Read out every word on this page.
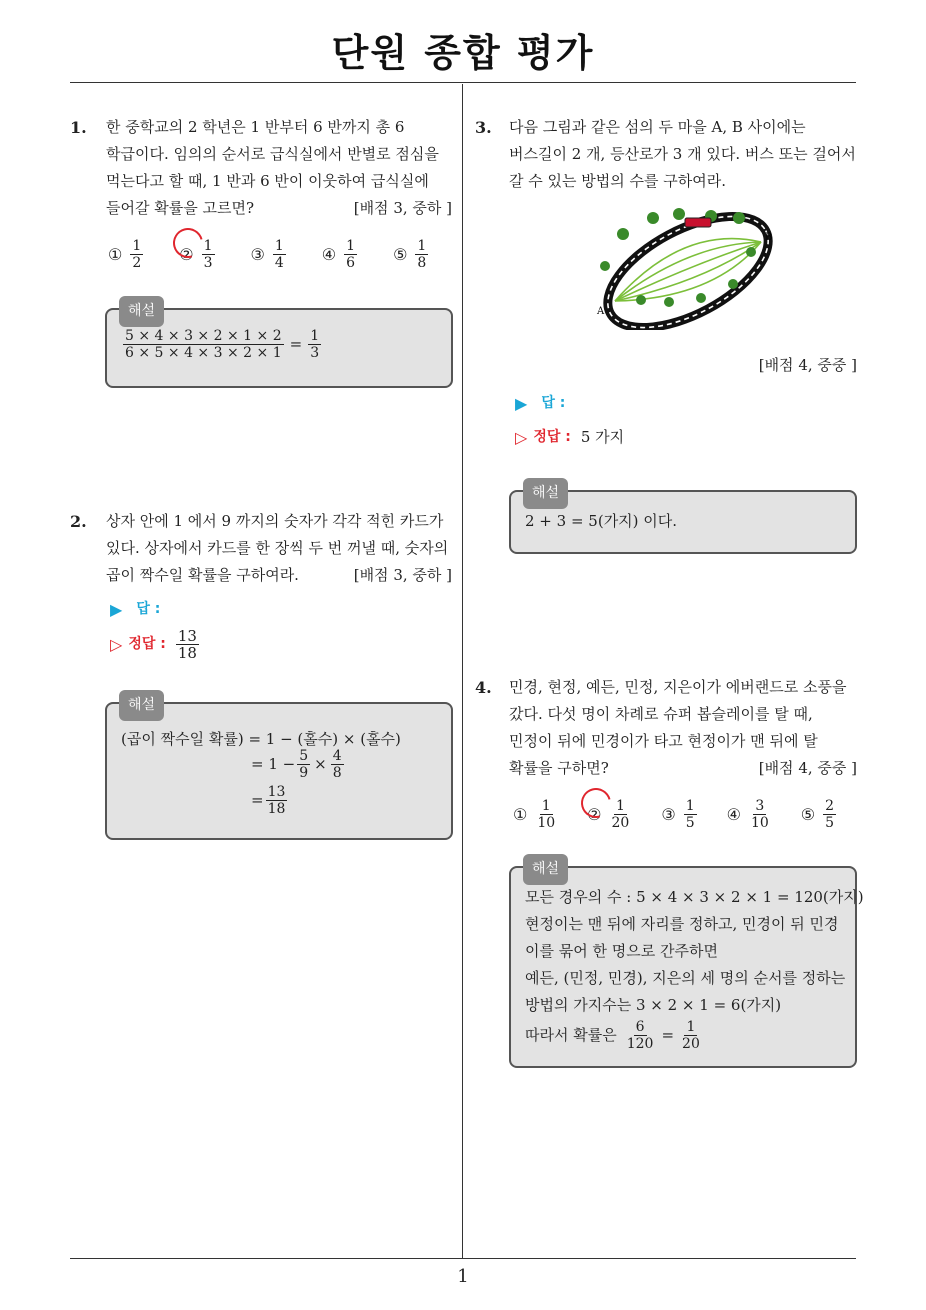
단원 종합 평가
1
1. 한 중학교의 2 학년은 1 반부터 6 반까지 총 6
학급이다. 임의의 순서로 급식실에서 반별로 점심을
먹는다고 할 때, 1 반과 6 반이 이웃하여 급식실에
들어갈 확률을 고르면?	[배점 3, 중하 ]
① $\frac{1}{2}$ ② $\frac{1}{3}$ ③ $\frac{1}{4}$ ④ $\frac{1}{6}$ ⑤ $\frac{1}{8}$
해설
$\frac{5 \times 4 \times 3 \times 2 \times 1 \times 2}{6 \times 5 \times 4 \times 3 \times 2 \times 1} = \frac{1}{3}$
2. 상자 안에 1 에서 9 까지의 숫자가 각각 적힌 카드가
있다. 상자에서 카드를 한 장씩 두 번 꺼낼 때, 숫자의
곱이 짝수일 확률을 구하여라.	[배점 3, 중하 ]
▶ 답 :
▷ 정답 : $\frac{13}{18}$
해설
(곱이 짝수일 확률) = 1 − (홀수) × (홀수)
= $1 - \frac{5}{9} \times \frac{4}{8}$
= $\frac{13}{18}$
3. 다음 그림과 같은 섬의 두 마을 A, B 사이에는
버스길이 2 개, 등산로가 3 개 있다. 버스 또는 걸어서
갈 수 있는 방법의 수를 구하여라.
A
B
[배점 4, 중중 ]
▶ 답 :
▷ 정답 : 5 가지
해설
2 + 3 = 5(가지) 이다.
4. 민경, 현정, 예든, 민정, 지은이가 에버랜드로 소풍을
갔다. 다섯 명이 차례로 슈퍼 봅슬레이를 탈 때,
민정이 뒤에 민경이가 타고 현정이가 맨 뒤에 탈
확률을 구하면?	[배점 4, 중중 ]
① $\frac{1}{10}$ ② $\frac{1}{20}$ ③ $\frac{1}{5}$ ④ $\frac{3}{10}$ ⑤ $\frac{2}{5}$
해설
모든 경우의 수 : 5 × 4 × 3 × 2 × 1 = 120(가지)
현정이는 맨 뒤에 자리를 정하고, 민경이 뒤 민경
이를 묶어 한 명으로 간주하면
예든, (민정, 민경), 지은의 세 명의 순서를 정하는
방법의 가지수는 3 × 2 × 1 = 6(가지)
따라서 확률은 $\frac{6}{120} = \frac{1}{20}$
